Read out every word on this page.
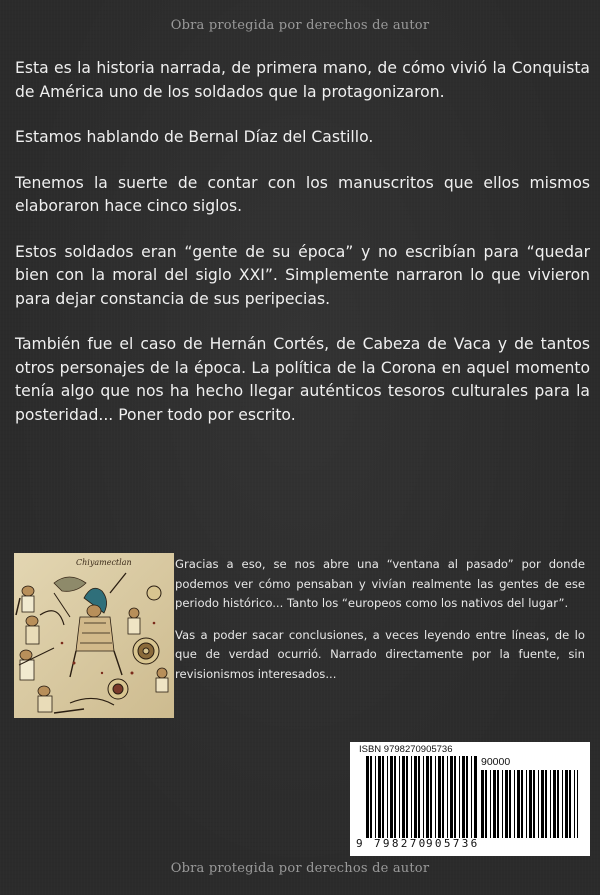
Obra protegida por derechos de autor

Esta es la historia narrada, de primera mano, de cómo vivió la Conquista de América uno de los soldados que la protagonizaron.

Estamos hablando de Bernal Díaz del Castillo.

Tenemos la suerte de contar con los manuscritos que ellos mismos elaboraron hace cinco siglos.

Estos soldados eran “gente de su época” y no escribían para “quedar bien con la moral del siglo XXI”. Simplemente narraron lo que vivieron para dejar constancia de sus peripecias.

También fue el caso de Hernán Cortés, de Cabeza de Vaca y de tantos otros personajes de la época. La política de la Corona en aquel momento tenía algo que nos ha hecho llegar auténticos tesoros culturales para la posteridad... Poner todo por escrito.

Chiyamectlan	Gracias a eso, se nos abre una “ventana al pasado” por donde podemos ver cómo pensaban y vivían realmente las gentes de ese periodo histórico... Tanto los “europeos como los nativos del lugar”.

Vas a poder sacar conclusiones, a veces leyendo entre líneas, de lo que de verdad ocurrió. Narrado directamente por la fuente, sin revisionismos interesados...

ISBN 9798270905736
90000
9 798270
905736
Obra protegida por derechos de autor
